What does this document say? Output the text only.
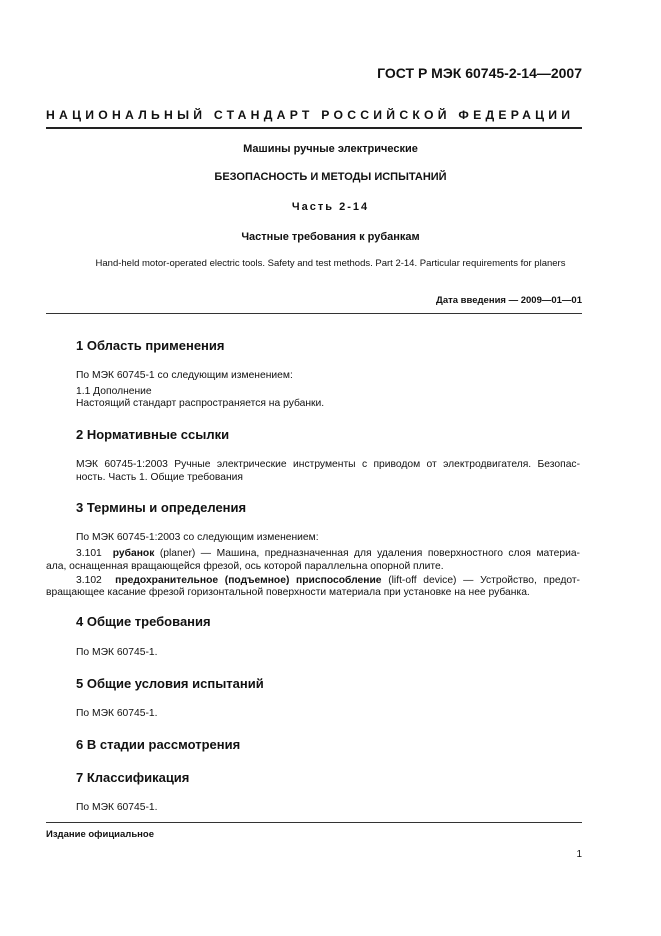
ГОСТ Р МЭК 60745-2-14—2007
НАЦИОНАЛЬНЫЙ СТАНДАРТ РОССИЙСКОЙ ФЕДЕРАЦИИ
Машины ручные электрические
БЕЗОПАСНОСТЬ И МЕТОДЫ ИСПЫТАНИЙ
Часть 2-14
Частные требования к рубанкам
Hand-held motor-operated electric tools. Safety and test methods. Part 2-14. Particular requirements for planers
Дата введения — 2009—01—01
1 Область применения
По МЭК 60745-1 со следующим изменением:
1.1 Дополнение
Настоящий стандарт распространяется на рубанки.
2 Нормативные ссылки
МЭК 60745-1:2003 Ручные электрические инструменты с приводом от электродвигателя. Безопас-
ность. Часть 1. Общие требования
3 Термины и определения
По МЭК 60745-1:2003 со следующим изменением:
3.101 рубанок (planer) — Машина, предназначенная для удаления поверхностного слоя материа-
ала, оснащенная вращающейся фрезой, ось которой параллельна опорной плите.
3.102 предохранительное (подъемное) приспособление (lift-off device) — Устройство, предот-
вращающее касание фрезой горизонтальной поверхности материала при установке на нее рубанка.
4 Общие требования
По МЭК 60745-1.
5 Общие условия испытаний
По МЭК 60745-1.
6 В стадии рассмотрения
7 Классификация
По МЭК 60745-1.
Издание официальное
1
